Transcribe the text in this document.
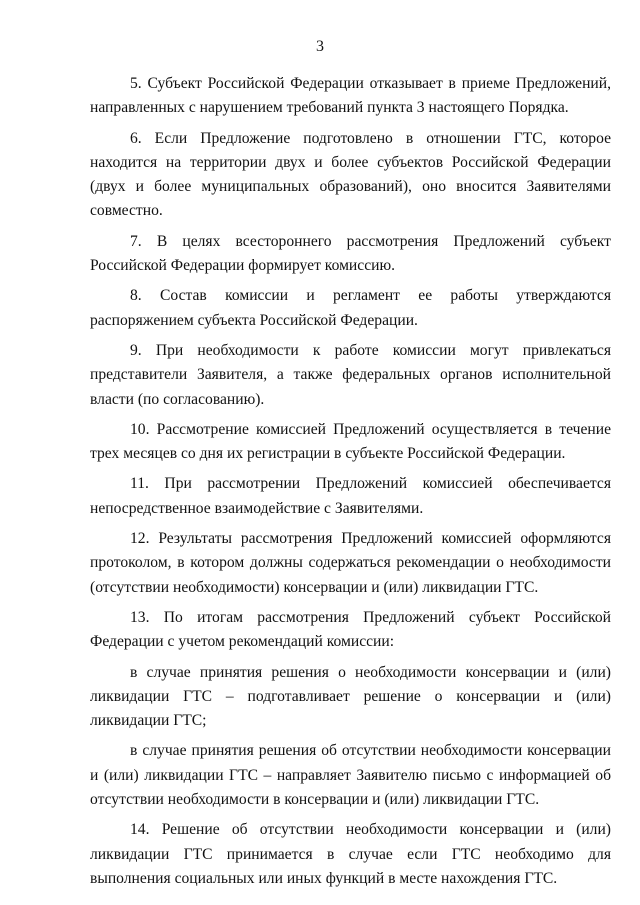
3

5. Субъект Российской Федерации отказывает в приеме Предложений, направленных с нарушением требований пункта 3 настоящего Порядка.

6. Если Предложение подготовлено в отношении ГТС, которое находится на территории двух и более субъектов Российской Федерации (двух и более муниципальных образований), оно вносится Заявителями совместно.

7. В целях всестороннего рассмотрения Предложений субъект Российской Федерации формирует комиссию.

8. Состав комиссии и регламент ее работы утверждаются распоряжением субъекта Российской Федерации.

9. При необходимости к работе комиссии могут привлекаться представители Заявителя, а также федеральных органов исполнительной власти (по согласованию).

10. Рассмотрение комиссией Предложений осуществляется в течение трех месяцев со дня их регистрации в субъекте Российской Федерации.

11. При рассмотрении Предложений комиссией обеспечивается непосредственное взаимодействие с Заявителями.

12. Результаты рассмотрения Предложений комиссией оформляются протоколом, в котором должны содержаться рекомендации о необходимости (отсутствии необходимости) консервации и (или) ликвидации ГТС.

13. По итогам рассмотрения Предложений субъект Российской Федерации с учетом рекомендаций комиссии:

в случае принятия решения о необходимости консервации и (или) ликвидации ГТС – подготавливает решение о консервации и (или) ликвидации ГТС;

в случае принятия решения об отсутствии необходимости консервации и (или) ликвидации ГТС – направляет Заявителю письмо с информацией об отсутствии необходимости в консервации и (или) ликвидации ГТС.

14. Решение об отсутствии необходимости консервации и (или) ликвидации ГТС принимается в случае если ГТС необходимо для выполнения социальных или иных функций в месте нахождения ГТС.
